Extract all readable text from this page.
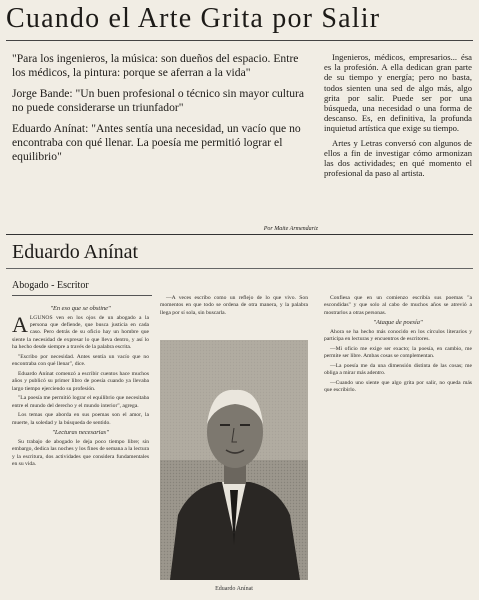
Cuando el Arte Grita por Salir

"Para los ingenieros, la música: son dueños del espacio. Entre los médicos, la pintura: porque se aferran a la vida"

Jorge Bande: "Un buen profesional o técnico sin mayor cultura no puede considerarse un triunfador"

Eduardo Anínat: "Antes sentía una necesidad, un vacío que no encontraba con qué llenar. La poesía me permitió lograr el equilibrio"

Por Maite Armendariz

Ingenieros, médicos, empresarios... ésa es la profesión. A ella dedican gran parte de su tiempo y energía; pero no basta, todos sienten una sed de algo más, algo grita por salir. Puede ser por una búsqueda, una necesidad o una forma de descanso. Es, en definitiva, la profunda inquietud artística que exige su tiempo.

Artes y Letras conversó con algunos de ellos a fin de investigar cómo armonizan las dos actividades; en qué momento el profesional da paso al artista.

Eduardo Anínat
Abogado - Escritor

"En eso que se obstine"

ALGUNOS ven en los ojos de un abogado a la persona que defiende, que busca justicia en cada caso. Pero detrás de su oficio hay un hombre que siente la necesidad de expresar lo que lleva dentro, y así lo ha hecho desde siempre a través de la palabra escrita.

"Escribo por necesidad. Antes sentía un vacío que no encontraba con qué llenar", dice.

Eduardo Anínat comenzó a escribir cuentos hace muchos años y publicó su primer libro de poesía cuando ya llevaba largo tiempo ejerciendo su profesión.

"La poesía me permitió lograr el equilibrio que necesitaba entre el mundo del derecho y el mundo interior", agrega.

Los temas que aborda en sus poemas son el amor, la muerte, la soledad y la búsqueda de sentido.

"Lecturas necesarias"

Su trabajo de abogado le deja poco tiempo libre; sin embargo, dedica las noches y los fines de semana a la lectura y la escritura, dos actividades que considera fundamentales en su vida.

—A veces escribo como un reflejo de lo que vivo. Son momentos en que todo se ordena de otra manera, y la palabra llega por sí sola, sin buscarla.

Eduardo Anínat

Confiesa que en un comienzo escribía sus poemas "a escondidas" y que solo al cabo de muchos años se atrevió a mostrarlos a otras personas.

"Ataque de poesía"

Ahora se ha hecho más conocido en los círculos literarios y participa en lecturas y encuentros de escritores.

—Mi oficio me exige ser exacto; la poesía, en cambio, me permite ser libre. Ambas cosas se complementan.

—La poesía me da una dimensión distinta de las cosas; me obliga a mirar más adentro.

—Cuando uno siente que algo grita por salir, no queda más que escribirlo.
